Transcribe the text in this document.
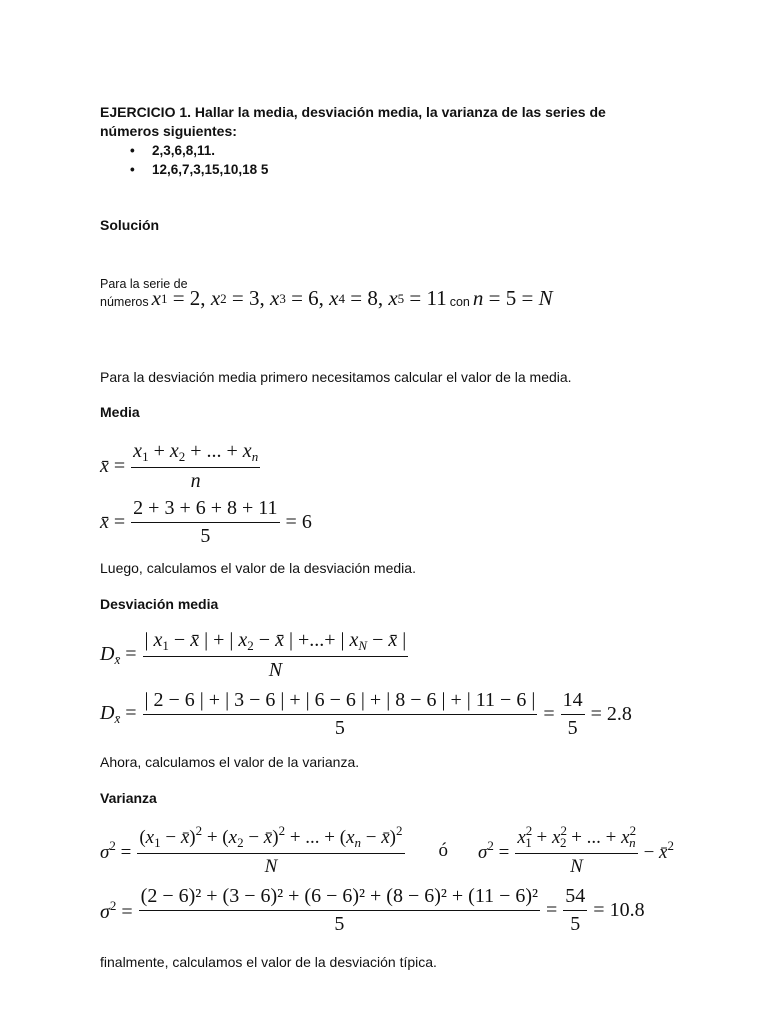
EJERCICIO 1. Hallar la media, desviación media, la varianza de las series de
números siguientes:
• 2,3,6,8,11.
• 12,6,7,3,15,10,18 5
Solución
Para la serie de
números x 1 = 2, x 2 = 3, x 3 = 6, x 4 = 8, x 5 = 11 con n = 5 = N
Para la desviación media primero necesitamos calcular el valor de la media.
Media
x̄ = $\frac{x_1 + x_2 + ... + x_n}{n}$
x̄ = $\frac{2 + 3 + 6 + 8 + 11}{5} = 6$
Luego, calculamos el valor de la desviación media.
Desviación media
$D_{x̄} = \frac{| x_1 - x̄ | + | x_2 - x̄ | +...+ | x_N - x̄ |}{N}$
$D_{x̄} = \frac{| 2 - 6 | + | 3 - 6 | + | 6 - 6 | + | 8 - 6 | + | 11 - 6 |}{5} = \frac{14}{5} = 2.8$
Ahora, calculamos el valor de la varianza.
Varianza
$\sigma^2 = \frac{(x_1 - x̄)^2 + (x_2 - x̄)^2 + ... + (x_n - x̄)^2}{N}$ ó $\sigma^2 = \frac{x^2_1 + x^2_2 + ... + x^2_n}{N}$ − x̄$^2$
$\sigma^2 = \frac{\text{(2 − 6)² + (3 − 6)² + (6 − 6)² + (8 − 6)² + (11 − 6)²}}{5} = \frac{54}{5} = 10.8$
finalmente, calculamos el valor de la desviación típica.
